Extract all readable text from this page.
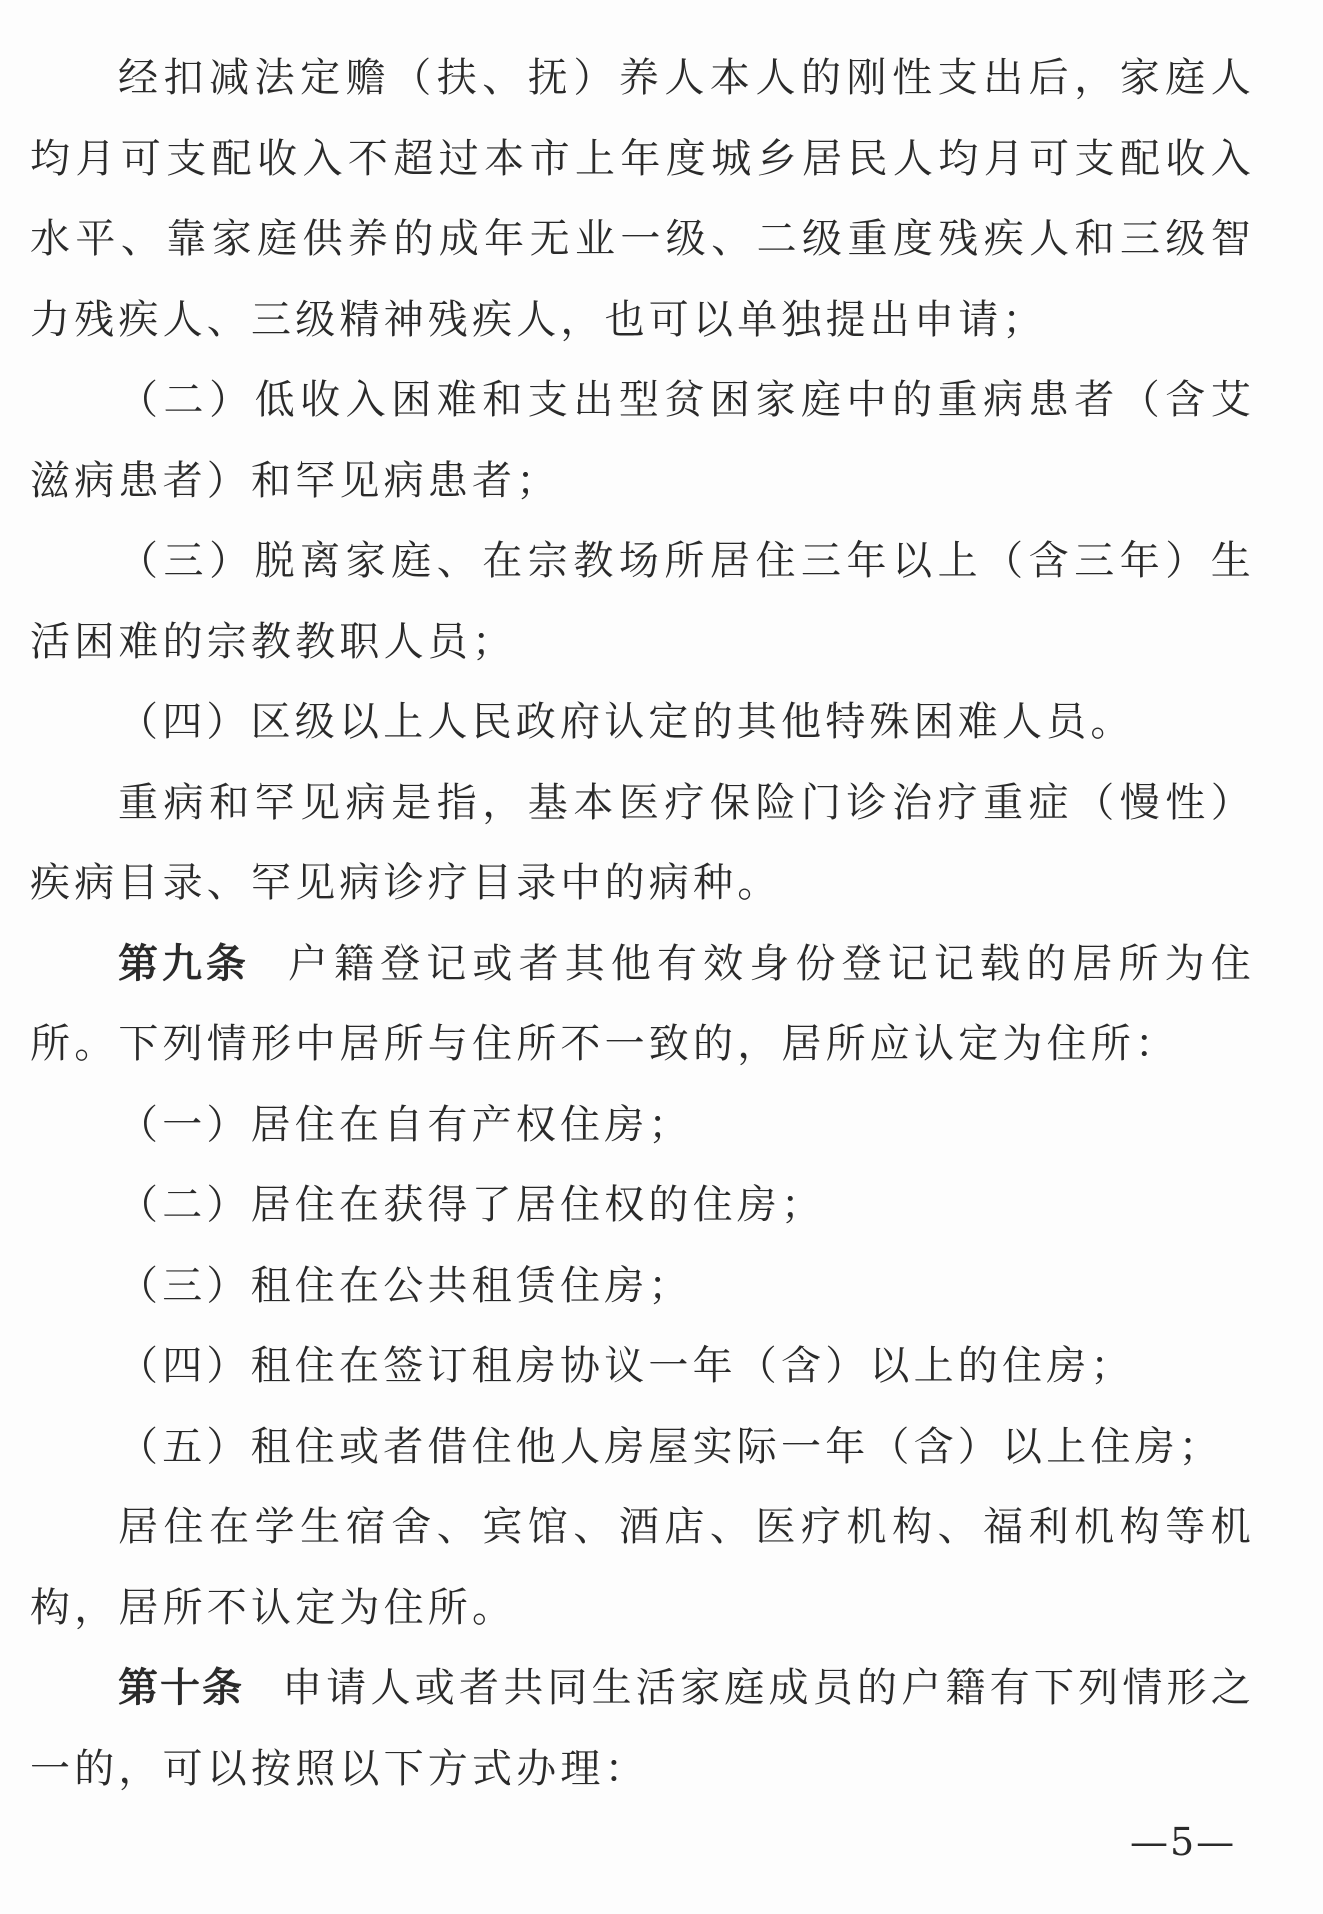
经扣减法定赡（扶、抚）养人本人的刚性支出后，家庭人均月可支配收入不超过本市上年度城乡居民人均月可支配收入水平、靠家庭供养的成年无业一级、二级重度残疾人和三级智力残疾人、三级精神残疾人，也可以单独提出申请；

（二）低收入困难和支出型贫困家庭中的重病患者（含艾滋病患者）和罕见病患者；

（三）脱离家庭、在宗教场所居住三年以上（含三年）生活困难的宗教教职人员；

（四）区级以上人民政府认定的其他特殊困难人员。

重病和罕见病是指，基本医疗保险门诊治疗重症（慢性）疾病目录、罕见病诊疗目录中的病种。

第九条 户籍登记或者其他有效身份登记记载的居所为住所。下列情形中居所与住所不一致的，居所应认定为住所：

（一）居住在自有产权住房；

（二）居住在获得了居住权的住房；

（三）租住在公共租赁住房；

（四）租住在签订租房协议一年（含）以上的住房；

（五）租住或者借住他人房屋实际一年（含）以上住房；

居住在学生宿舍、宾馆、酒店、医疗机构、福利机构等机构，居所不认定为住所。

第十条 申请人或者共同生活家庭成员的户籍有下列情形之一的，可以按照以下方式办理：

—5—
